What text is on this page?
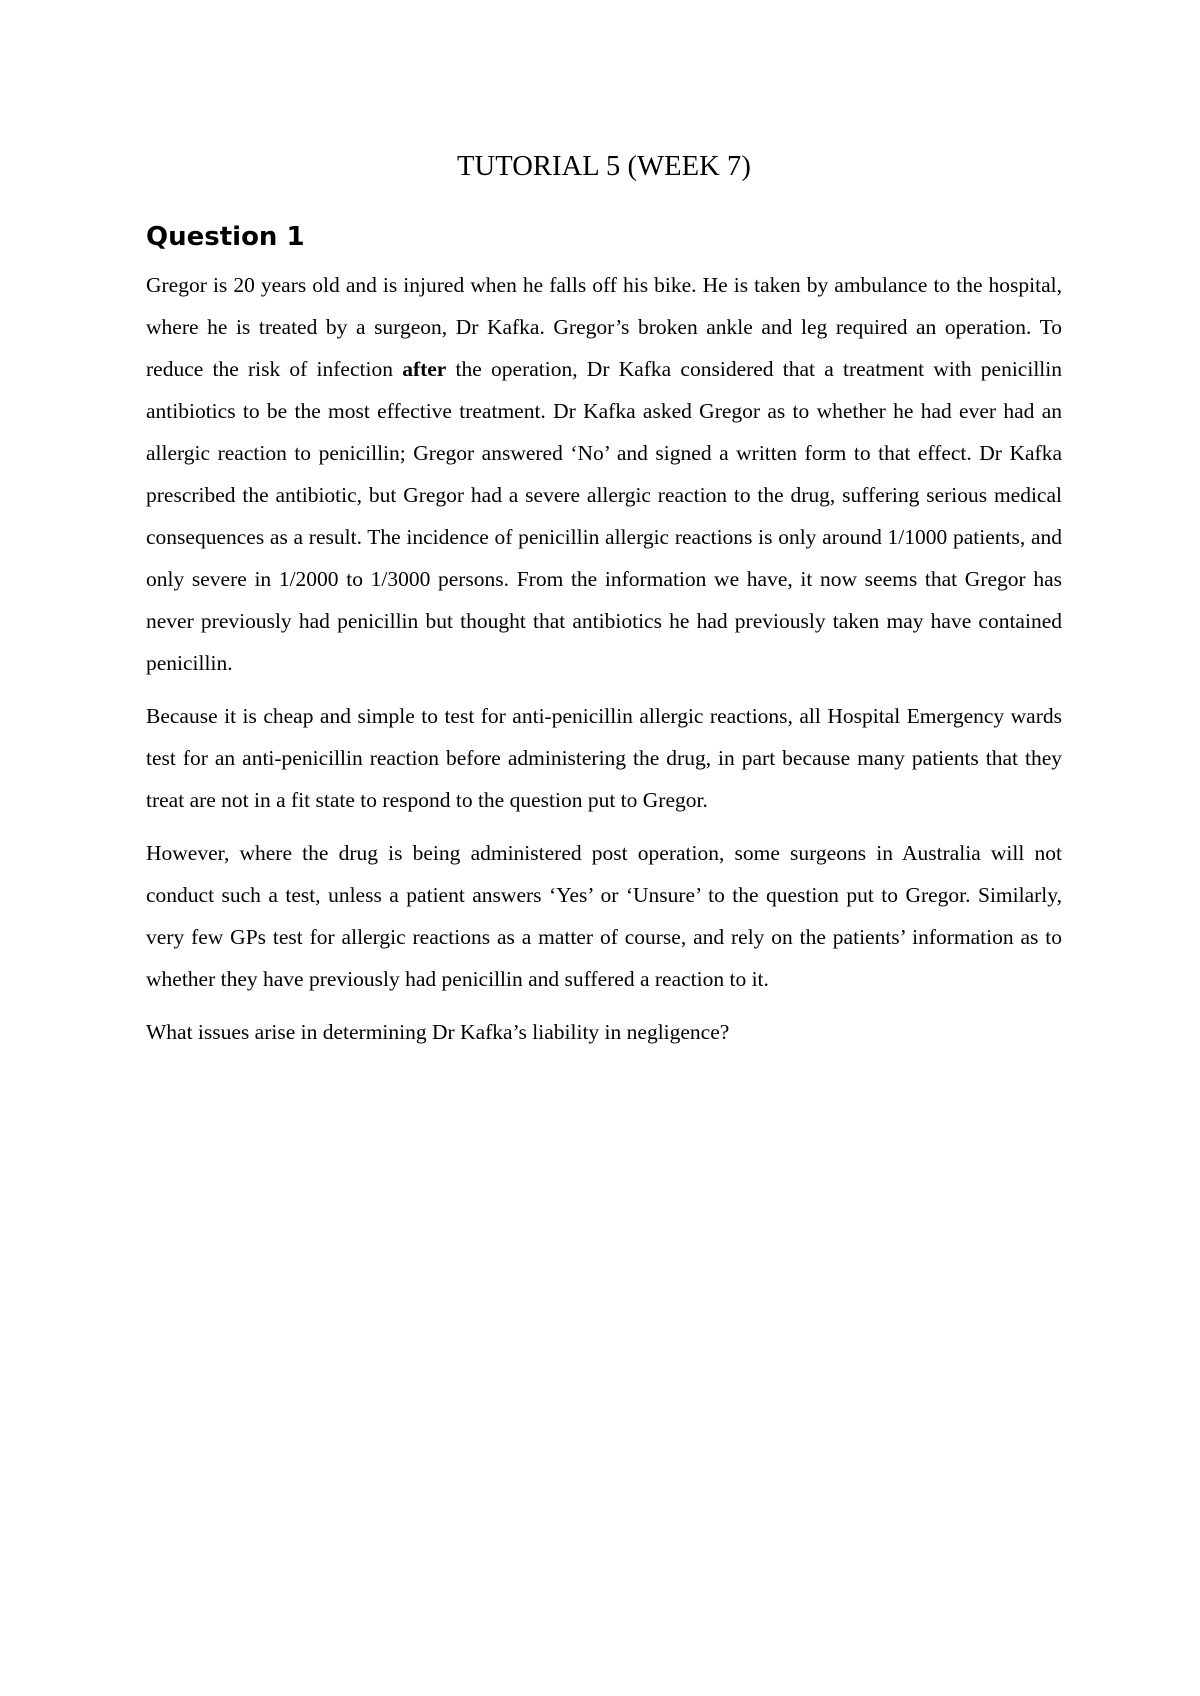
TUTORIAL 5 (WEEK 7)
Question 1

Gregor is 20 years old and is injured when he falls off his bike. He is taken by ambulance to the hospital, where he is treated by a surgeon, Dr Kafka. Gregor’s broken ankle and leg required an operation. To reduce the risk of infection after the operation, Dr Kafka considered that a treatment with penicillin antibiotics to be the most effective treatment. Dr Kafka asked Gregor as to whether he had ever had an allergic reaction to penicillin; Gregor answered ‘No’ and signed a written form to that effect. Dr Kafka prescribed the antibiotic, but Gregor had a severe allergic reaction to the drug, suffering serious medical consequences as a result. The incidence of penicillin allergic reactions is only around 1/1000 patients, and only severe in 1/2000 to 1/3000 persons. From the information we have, it now seems that Gregor has never previously had penicillin but thought that antibiotics he had previously taken may have contained penicillin.

Because it is cheap and simple to test for anti-penicillin allergic reactions, all Hospital Emergency wards test for an anti-penicillin reaction before administering the drug, in part because many patients that they treat are not in a fit state to respond to the question put to Gregor.

However, where the drug is being administered post operation, some surgeons in Australia will not conduct such a test, unless a patient answers ‘Yes’ or ‘Unsure’ to the question put to Gregor. Similarly, very few GPs test for allergic reactions as a matter of course, and rely on the patients’ information as to whether they have previously had penicillin and suffered a reaction to it.

What issues arise in determining Dr Kafka’s liability in negligence?
